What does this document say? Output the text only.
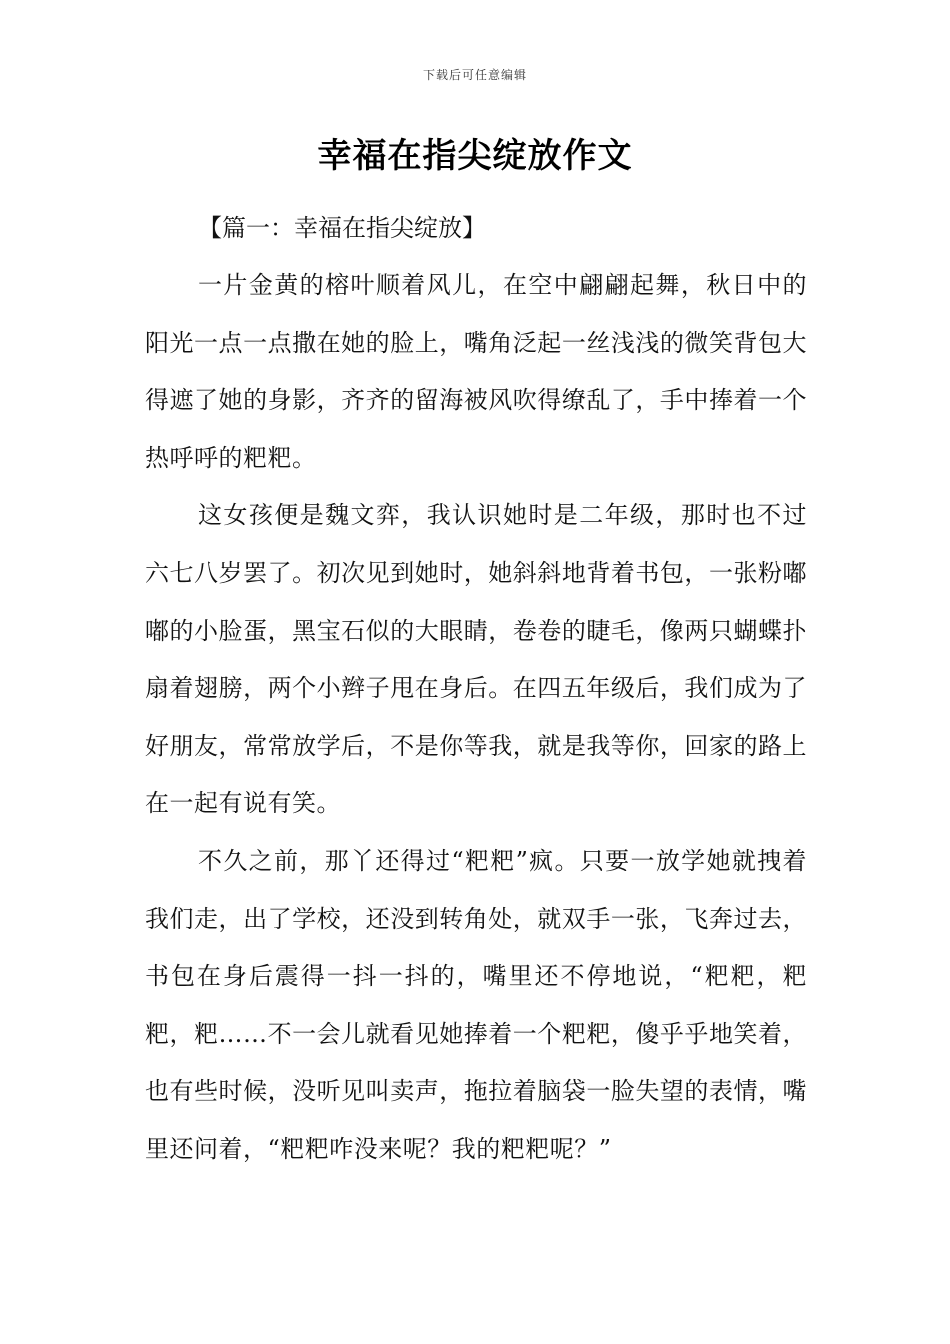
下载后可任意编辑
幸福在指尖绽放作文

【篇一：幸福在指尖绽放】

一片金黄的榕叶顺着风儿，在空中翩翩起舞，秋日中的阳光一点一点撒在她的脸上，嘴角泛起一丝浅浅的微笑背包大得遮了她的身影，齐齐的留海被风吹得缭乱了，手中捧着一个热呼呼的粑粑。

这女孩便是魏文弈，我认识她时是二年级，那时也不过六七八岁罢了。初次见到她时，她斜斜地背着书包，一张粉嘟嘟的小脸蛋，黑宝石似的大眼睛，卷卷的睫毛，像两只蝴蝶扑扇着翅膀，两个小辫子甩在身后。在四五年级后，我们成为了好朋友，常常放学后，不是你等我，就是我等你，回家的路上在一起有说有笑。

不久之前，那丫还得过“粑粑”疯。只要一放学她就拽着我们走，出了学校，还没到转角处，就双手一张，飞奔过去，书包在身后震得一抖一抖的，嘴里还不停地说，“粑粑，粑粑，粑……不一会儿就看见她捧着一个粑粑，傻乎乎地笑着，也有些时候，没听见叫卖声，拖拉着脑袋一脸失望的表情，嘴里还问着，“粑粑咋没来呢？我的粑粑呢？”
